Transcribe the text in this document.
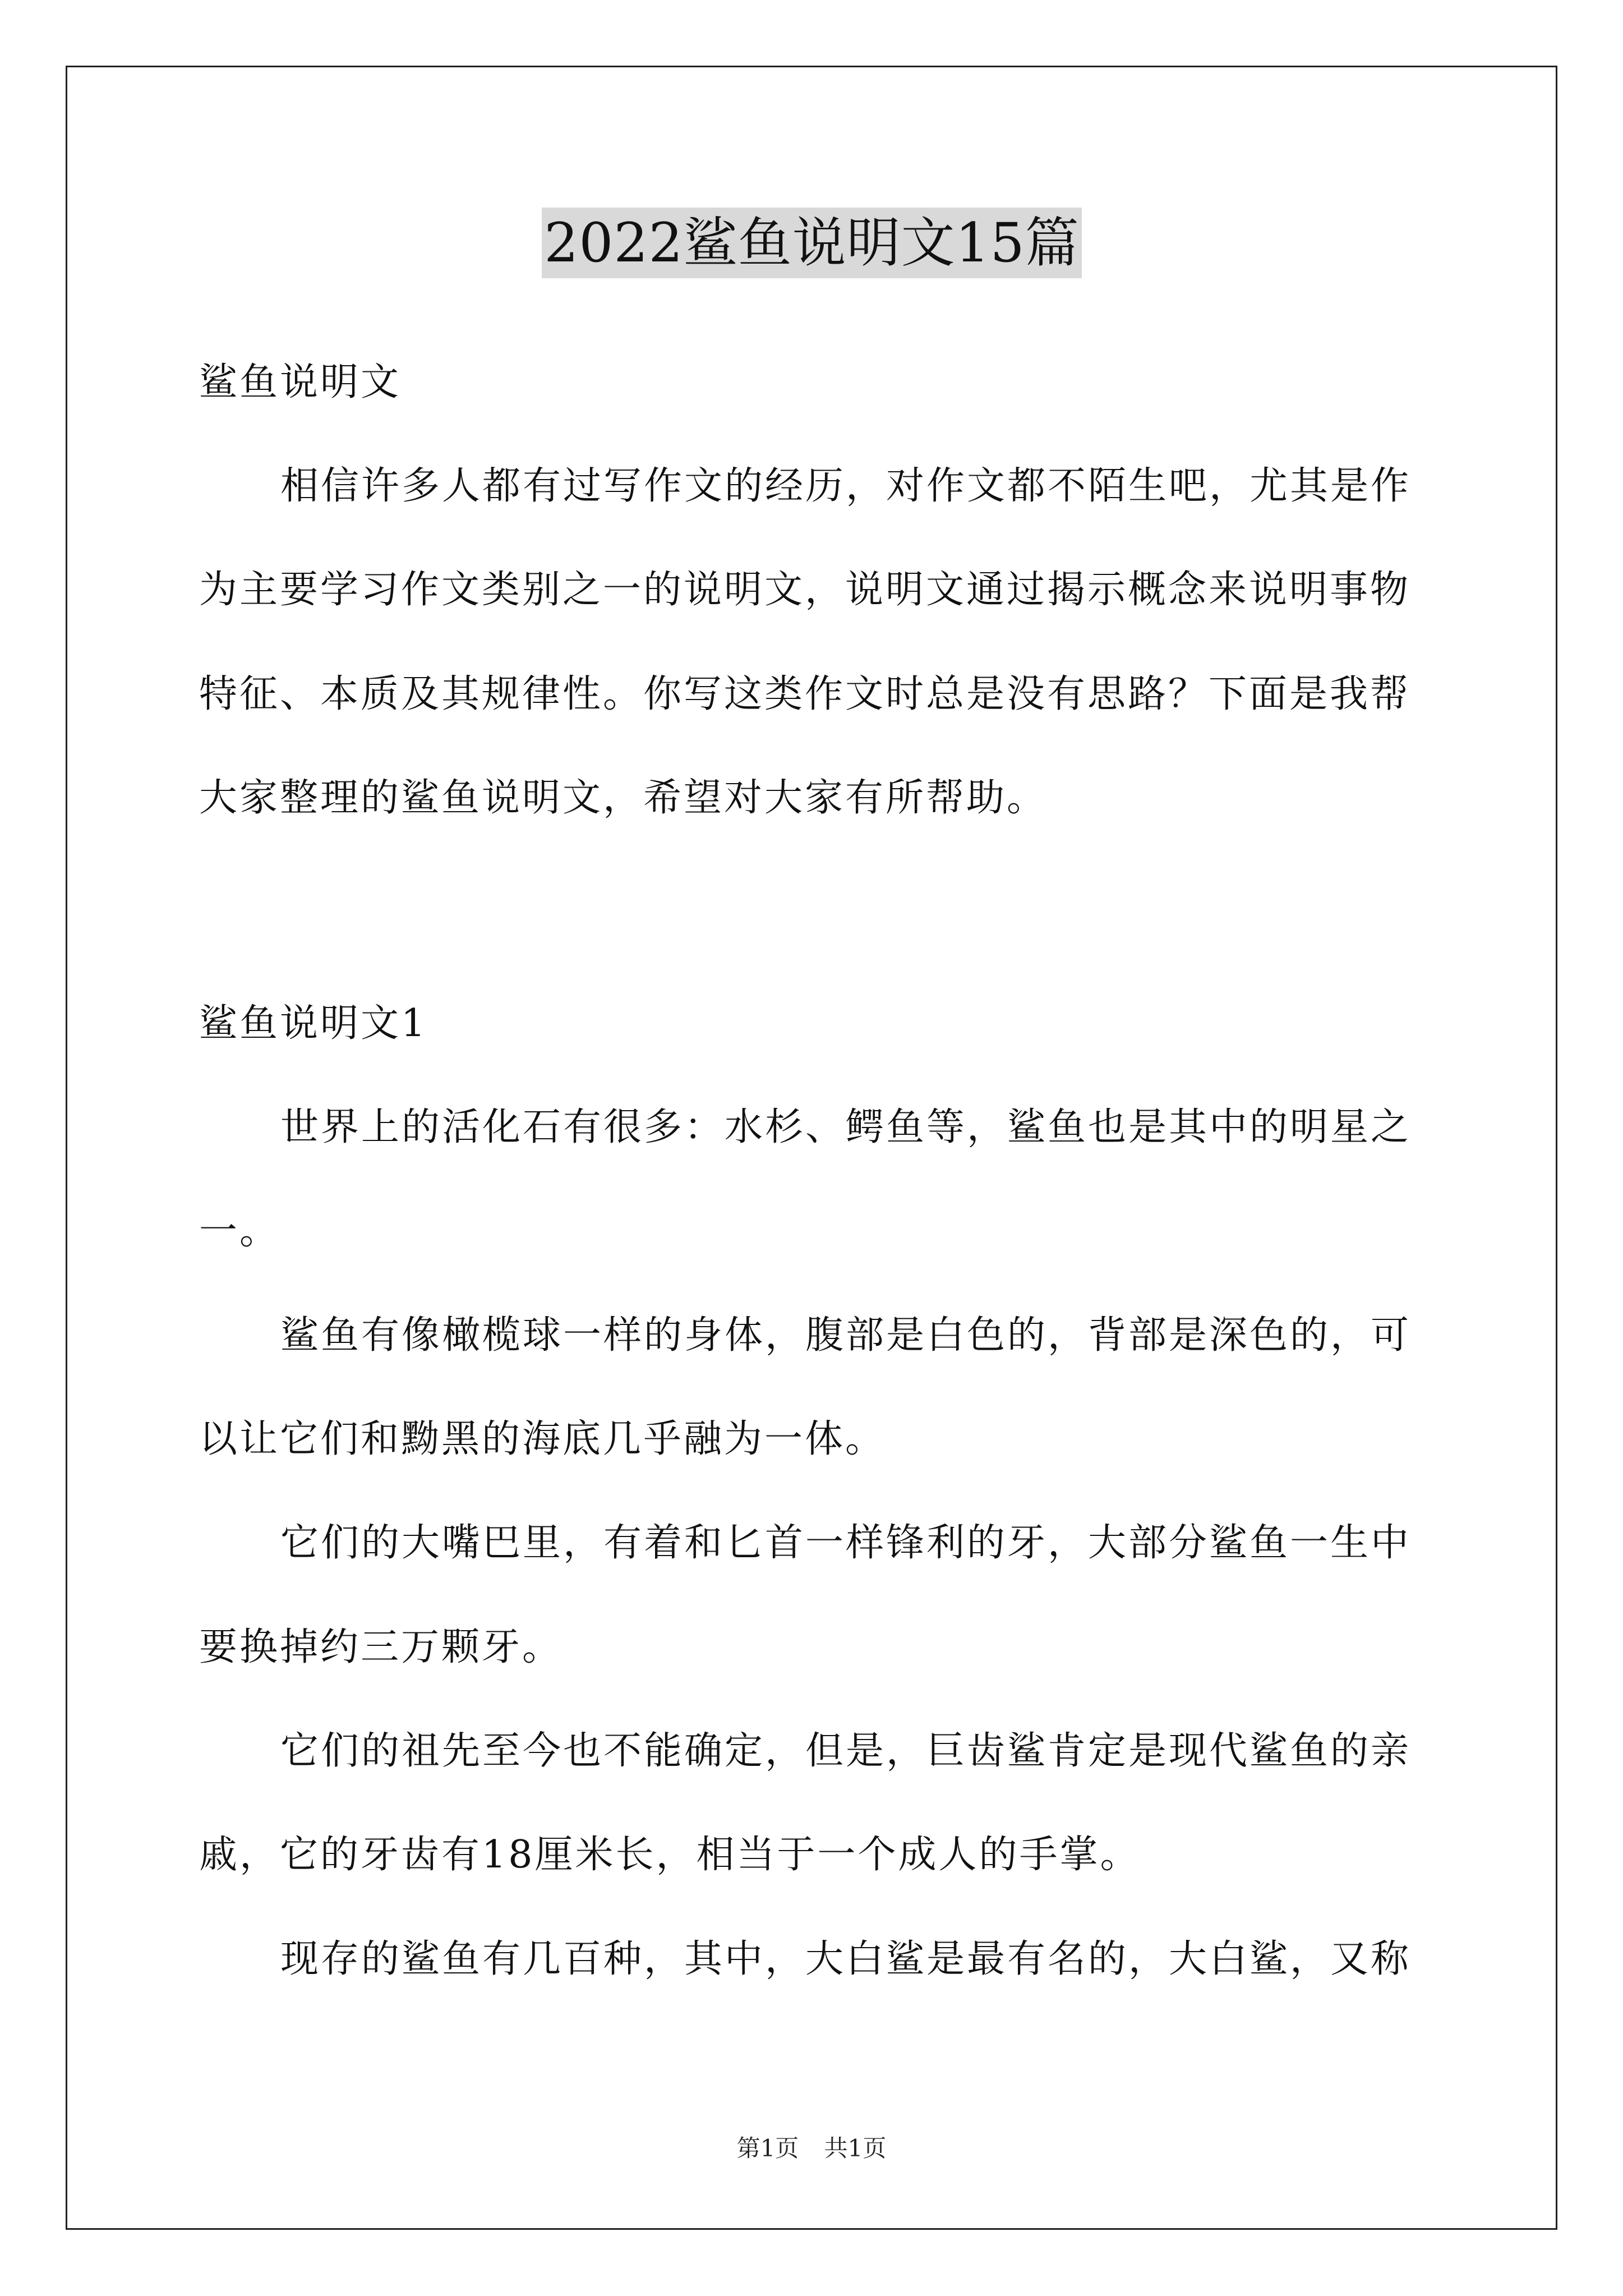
2022鲨鱼说明文15篇
鲨鱼说明文
相信许多人都有过写作文的经历，对作文都不陌生吧，尤其是作
为主要学习作文类别之一的说明文，说明文通过揭示概念来说明事物
特征、本质及其规律性。你写这类作文时总是没有思路？下面是我帮
大家整理的鲨鱼说明文，希望对大家有所帮助。
鲨鱼说明文1
世界上的活化石有很多：水杉、鳄鱼等，鲨鱼也是其中的明星之
一。
鲨鱼有像橄榄球一样的身体，腹部是白色的，背部是深色的，可
以让它们和黝黑的海底几乎融为一体。
它们的大嘴巴里，有着和匕首一样锋利的牙，大部分鲨鱼一生中
要换掉约三万颗牙。
它们的祖先至今也不能确定，但是，巨齿鲨肯定是现代鲨鱼的亲
戚，它的牙齿有18厘米长，相当于一个成人的手掌。
现存的鲨鱼有几百种，其中，大白鲨是最有名的，大白鲨，又称
第1页 共1页
